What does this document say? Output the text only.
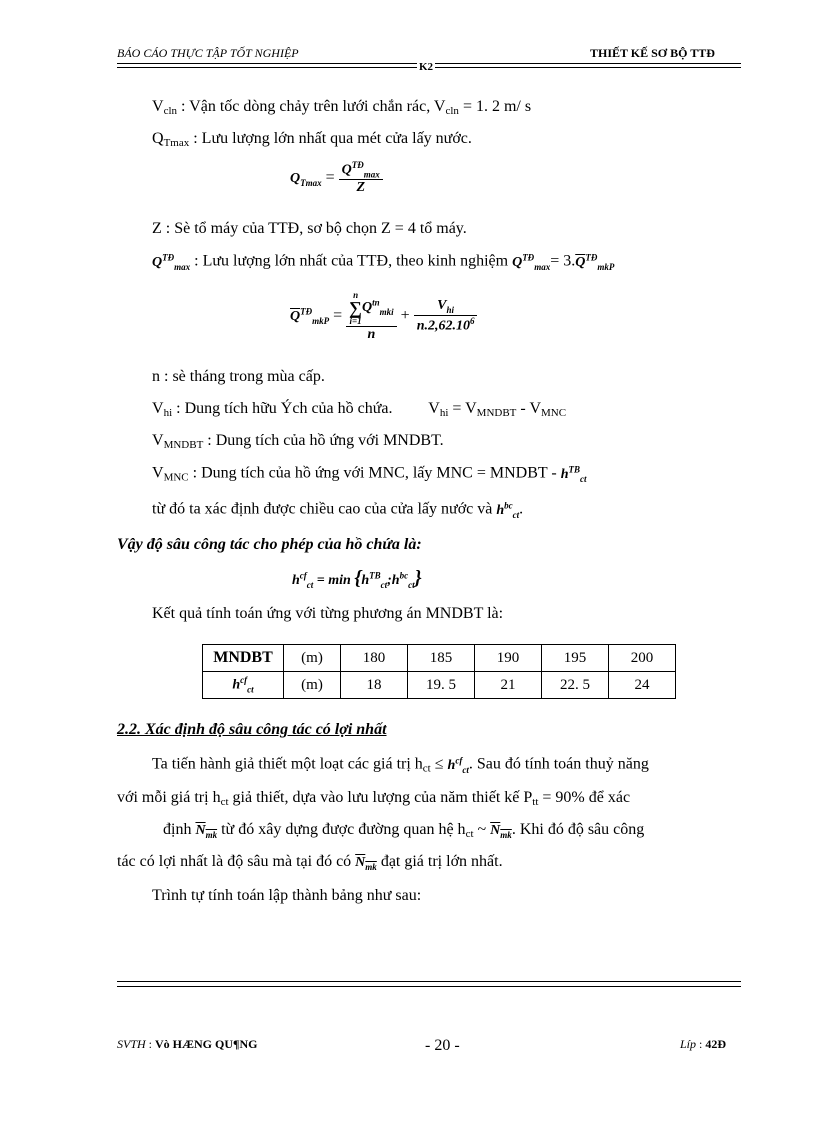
BÁO CÁO THỰC TẬP TỐT NGHIỆP	THIẾT KẾ SƠ BỘ TTĐ
K2
$V_{cln}$ : Vận tốc dòng chảy trên lưới chắn rác, $V_{cln} = 1$. 2 m/ s
$Q_{Tmax}$ : Lưu lượng lớn nhất qua mét cửa lấy nước.
$Q_{Tmax} = \frac{Q^{TĐ}_{max}}{Z}$
Z : Sè tổ máy của TTĐ, sơ bộ chọn Z = 4 tổ máy.
$Q^{TĐ}_{max}$ : Lưu lượng lớn nhất của TTĐ, theo kinh nghiệm $Q^{TĐ}_{max}= 3.\overline{Q}^{TĐ}_{mkP}$
$\overline{Q}^{TĐ}_{mkP} = n$
∑
i=1
$Q^{tn}_{mki}$
$n + \frac{V_{hi}}{n.2,62.10^6}$
n : sè tháng trong mùa cấp.
$V_{hi}$ : Dung tích hữu Ých của hồ chứa. $V_{hi} = V_{MNDBT} - V_{MNC}$
$V_{MNDBT}$ : Dung tích của hồ ứng với MNDBT.
$V_{MNC}$ : Dung tích của hồ ứng với MNC, lấy MNC = MNDBT - $h^{TB}_{ct}$
từ đó ta xác định được chiều cao của cửa lấy nước và $h^{bc}_{ct}$.
Vậy độ sâu công tác cho phép của hồ chứa là:
$h^{cf}_{ct} = \min$ $\{h^{TB}_{ct};h^{bc}_{ct}\}$
Kết quả tính toán ứng với từng phương án MNDBT là:
MNDBT	(m)	180	185	190	195	200
$h^{cf}_{ct}$	(m)	18	19. 5	21	22. 5	24
2.2. Xác định độ sâu công tác có lợi nhất
Ta tiến hành giả thiết một loạt các giá trị $h_{ct} \le h^{cf}_{ct}$. Sau đó tính toán thuỷ năng
với mỗi giá trị $h_{ct}$ giả thiết, dựa vào lưu lượng của năm thiết kế $P_{tt} = 90\%$ để xác
định $N_{mk}$ từ đó xây dựng được đường quan hệ $h_{ct}$ ~ $N_{mk}$. Khi đó độ sâu công
tác có lợi nhất là độ sâu mà tại đó có $N_{mk}$ đạt giá trị lớn nhất.
Trình tự tính toán lập thành bảng như sau:
SVTH : Vò HÆNG QU¶NG	- 20 -	Líp : 42Đ
